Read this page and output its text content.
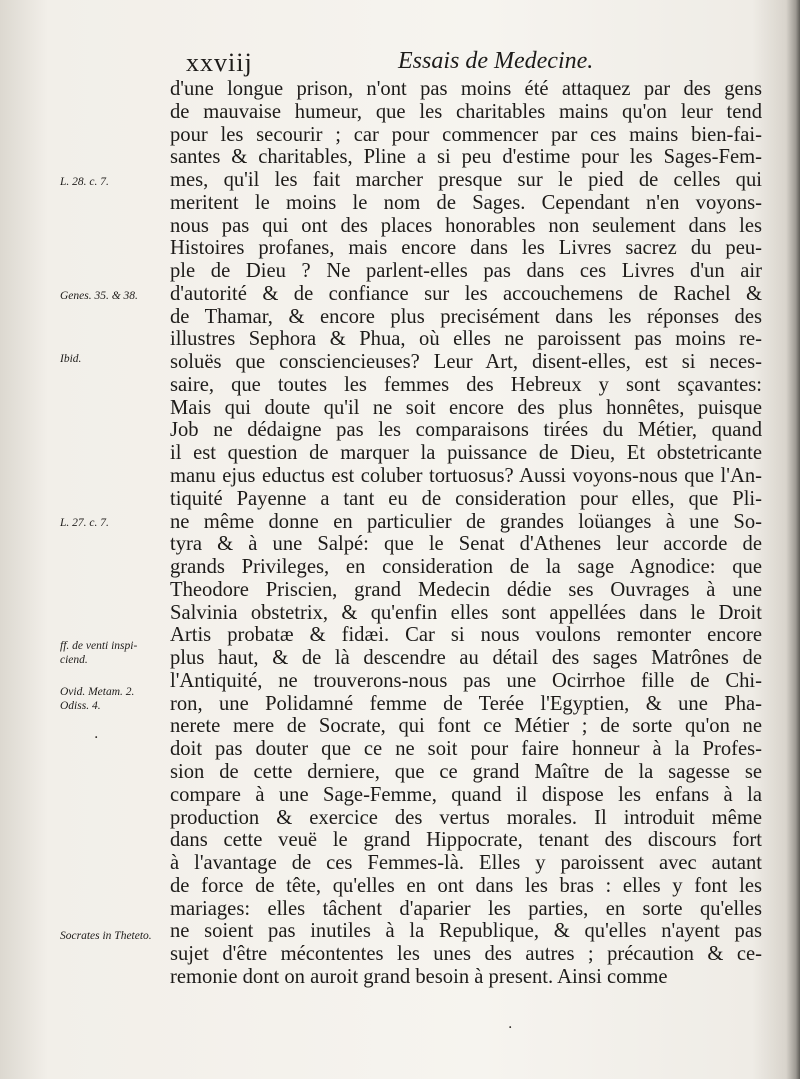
xxviij	Essais de Medecine.
L. 28. c. 7.
Genes. 35. & 38.
Ibid.
L. 27. c. 7.
ff. de venti inspi-
ciend.
Ovid. Metam. 2.
Odiss. 4.
Socrates in Theteto.
d'une longue prison, n'ont pas moins été attaquez par des gens
de mauvaise humeur, que les charitables mains qu'on leur tend
pour les secourir ; car pour commencer par ces mains bien-fai-
santes & charitables, Pline a si peu d'estime pour les Sages-Fem-
mes, qu'il les fait marcher presque sur le pied de celles qui
meritent le moins le nom de Sages. Cependant n'en voyons-
nous pas qui ont des places honorables non seulement dans les
Histoires profanes, mais encore dans les Livres sacrez du peu-
ple de Dieu ? Ne parlent-elles pas dans ces Livres d'un air
d'autorité & de confiance sur les accouchemens de Rachel &
de Thamar, & encore plus precisément dans les réponses des
illustres Sephora & Phua, où elles ne paroissent pas moins re-
soluës que consciencieuses? Leur Art, disent-elles, est si neces-
saire, que toutes les femmes des Hebreux y sont sçavantes:
Mais qui doute qu'il ne soit encore des plus honnêtes, puisque
Job ne dédaigne pas les comparaisons tirées du Métier, quand
il est question de marquer la puissance de Dieu, Et obstetricante
manu ejus eductus est coluber tortuosus? Aussi voyons-nous que l'An-
tiquité Payenne a tant eu de consideration pour elles, que Pli-
ne même donne en particulier de grandes loüanges à une So-
tyra & à une Salpé: que le Senat d'Athenes leur accorde de
grands Privileges, en consideration de la sage Agnodice: que
Theodore Priscien, grand Medecin dédie ses Ouvrages à une
Salvinia obstetrix, & qu'enfin elles sont appellées dans le Droit
Artis probatæ & fidæi. Car si nous voulons remonter encore
plus haut, & de là descendre au détail des sages Matrônes de
l'Antiquité, ne trouverons-nous pas une Ocirrhoe fille de Chi-
ron, une Polidamné femme de Terée l'Egyptien, & une Pha-
nerete mere de Socrate, qui font ce Métier ; de sorte qu'on ne
doit pas douter que ce ne soit pour faire honneur à la Profes-
sion de cette derniere, que ce grand Maître de la sagesse se
compare à une Sage-Femme, quand il dispose les enfans à la
production & exercice des vertus morales. Il introduit même
dans cette veuë le grand Hippocrate, tenant des discours fort
à l'avantage de ces Femmes-là. Elles y paroissent avec autant
de force de tête, qu'elles en ont dans les bras : elles y font les
mariages: elles tâchent d'aparier les parties, en sorte qu'elles
ne soient pas inutiles à la Republique, & qu'elles n'ayent pas
sujet d'être mécontentes les unes des autres ; précaution & ce-
remonie dont on auroit grand besoin à present. Ainsi comme
·
·
